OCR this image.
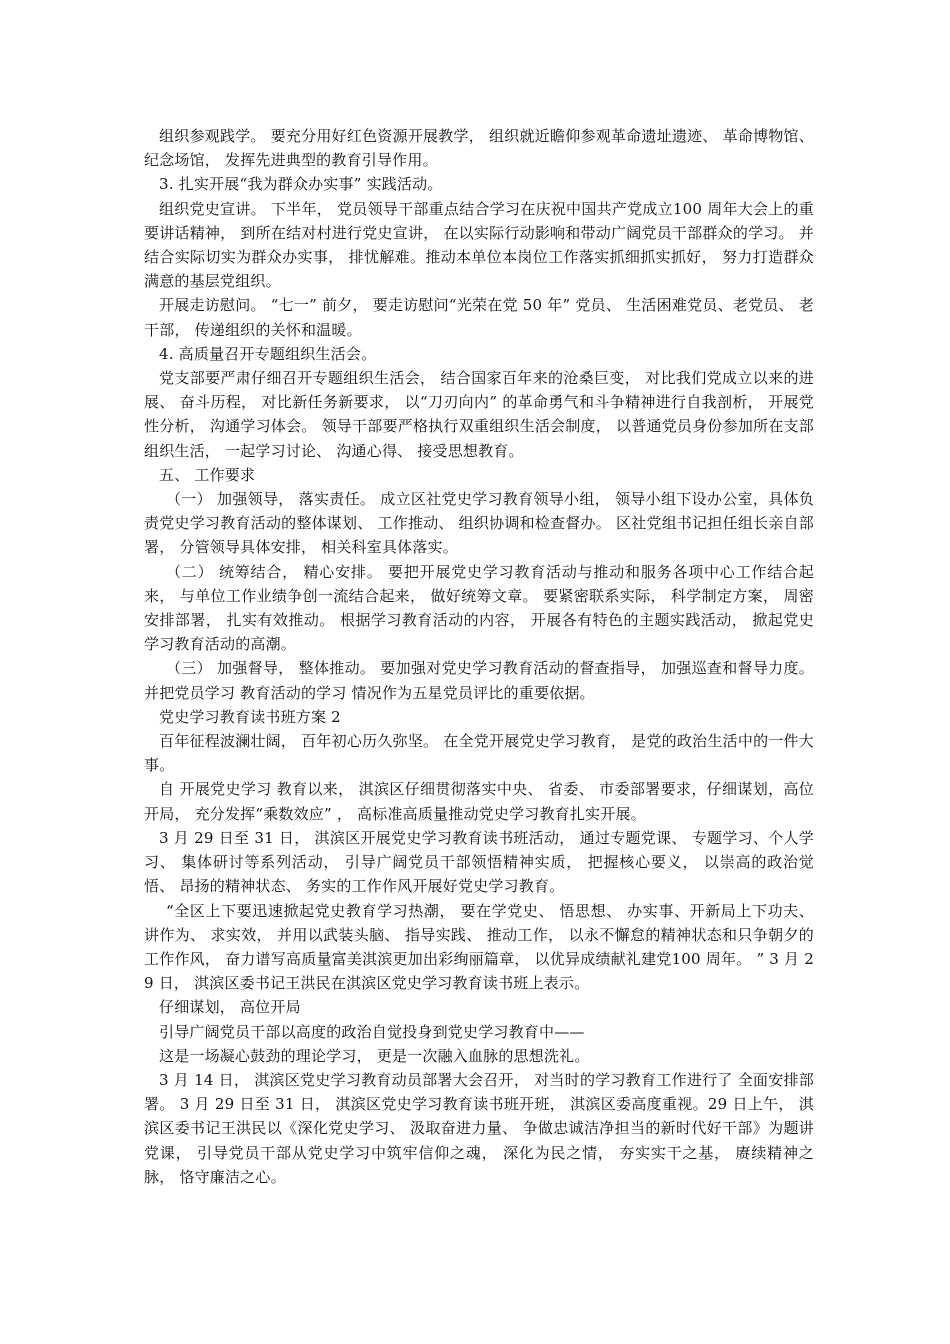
组织参观践学。 要充分用好红色资源开展教学， 组织就近瞻仰参观革命遗址遗迹、 革命博物馆、 纪念场馆， 发挥先进典型的教育引导作用。

3. 扎实开展“我为群众办实事” 实践活动。

组织党史宣讲。 下半年， 党员领导干部重点结合学习在庆祝中国共产党成立100 周年大会上的重要讲话精神， 到所在结对村进行党史宣讲， 在以实际行动影响和带动广阔党员干部群众的学习。 并结合实际切实为群众办实事， 排忧解难。推动本单位本岗位工作落实抓细抓实抓好， 努力打造群众满意的基层党组织。

开展走访慰问。 “七一” 前夕， 要走访慰问“光荣在党 50 年” 党员、 生活困难党员、老党员、 老干部， 传递组织的关怀和温暖。

4. 高质量召开专题组织生活会。

党支部要严肃仔细召开专题组织生活会， 结合国家百年来的沧桑巨变， 对比我们党成立以来的进展、 奋斗历程， 对比新任务新要求， 以“刀刃向内” 的革命勇气和斗争精神进行自我剖析， 开展党性分析， 沟通学习体会。 领导干部要严格执行双重组织生活会制度， 以普通党员身份参加所在支部组织生活， 一起学习讨论、 沟通心得、 接受思想教育。

五、 工作要求

（一） 加强领导， 落实责任。 成立区社党史学习教育领导小组， 领导小组下设办公室，具体负责党史学习教育活动的整体谋划、 工作推动、 组织协调和检查督办。 区社党组书记担任组长亲自部署， 分管领导具体安排， 相关科室具体落实。

（二） 统筹结合， 精心安排。 要把开展党史学习教育活动与推动和服务各项中心工作结合起来， 与单位工作业绩争创一流结合起来， 做好统筹文章。 要紧密联系实际， 科学制定方案， 周密安排部署， 扎实有效推动。 根据学习教育活动的内容， 开展各有特色的主题实践活动， 掀起党史学习教育活动的高潮。

（三） 加强督导， 整体推动。 要加强对党史学习教育活动的督查指导， 加强巡查和督导力度。 并把党员学习 教育活动的学习 情况作为五星党员评比的重要依据。

党史学习教育读书班方案 2

百年征程波澜壮阔， 百年初心历久弥坚。 在全党开展党史学习教育， 是党的政治生活中的一件大事。

自 开展党史学习 教育以来， 淇滨区仔细贯彻落实中央、 省委、 市委部署要求，仔细谋划，高位开局， 充分发挥“乘数效应” ， 高标准高质量推动党史学习教育扎实开展。

3 月 29 日至 31 日， 淇滨区开展党史学习教育读书班活动， 通过专题党课、 专题学习、个人学习、 集体研讨等系列活动， 引导广阔党员干部领悟精神实质， 把握核心要义， 以崇高的政治觉悟、 昂扬的精神状态、 务实的工作作风开展好党史学习教育。

“全区上下要迅速掀起党史教育学习热潮， 要在学党史、 悟思想、 办实事、开新局上下功夫、 讲作为、 求实效， 并用以武装头脑、 指导实践、 推动工作， 以永不懈怠的精神状态和只争朝夕的工作作风， 奋力谱写高质量富美淇滨更加出彩绚丽篇章， 以优异成绩献礼建党100 周年。 ” 3 月 29 日， 淇滨区委书记王洪民在淇滨区党史学习教育读书班上表示。

仔细谋划， 高位开局

引导广阔党员干部以高度的政治自觉投身到党史学习教育中——

这是一场凝心鼓劲的理论学习， 更是一次融入血脉的思想洗礼。

3 月 14 日， 淇滨区党史学习教育动员部署大会召开， 对当时的学习教育工作进行了 全面安排部署。 3 月 29 日至 31 日， 淇滨区党史学习教育读书班开班， 淇滨区委高度重视。29 日上午， 淇滨区委书记王洪民以《深化党史学习、 汲取奋进力量、 争做忠诚洁净担当的新时代好干部》为题讲党课， 引导党员干部从党史学习中筑牢信仰之魂， 深化为民之情， 夯实实干之基， 赓续精神之脉， 恪守廉洁之心。
